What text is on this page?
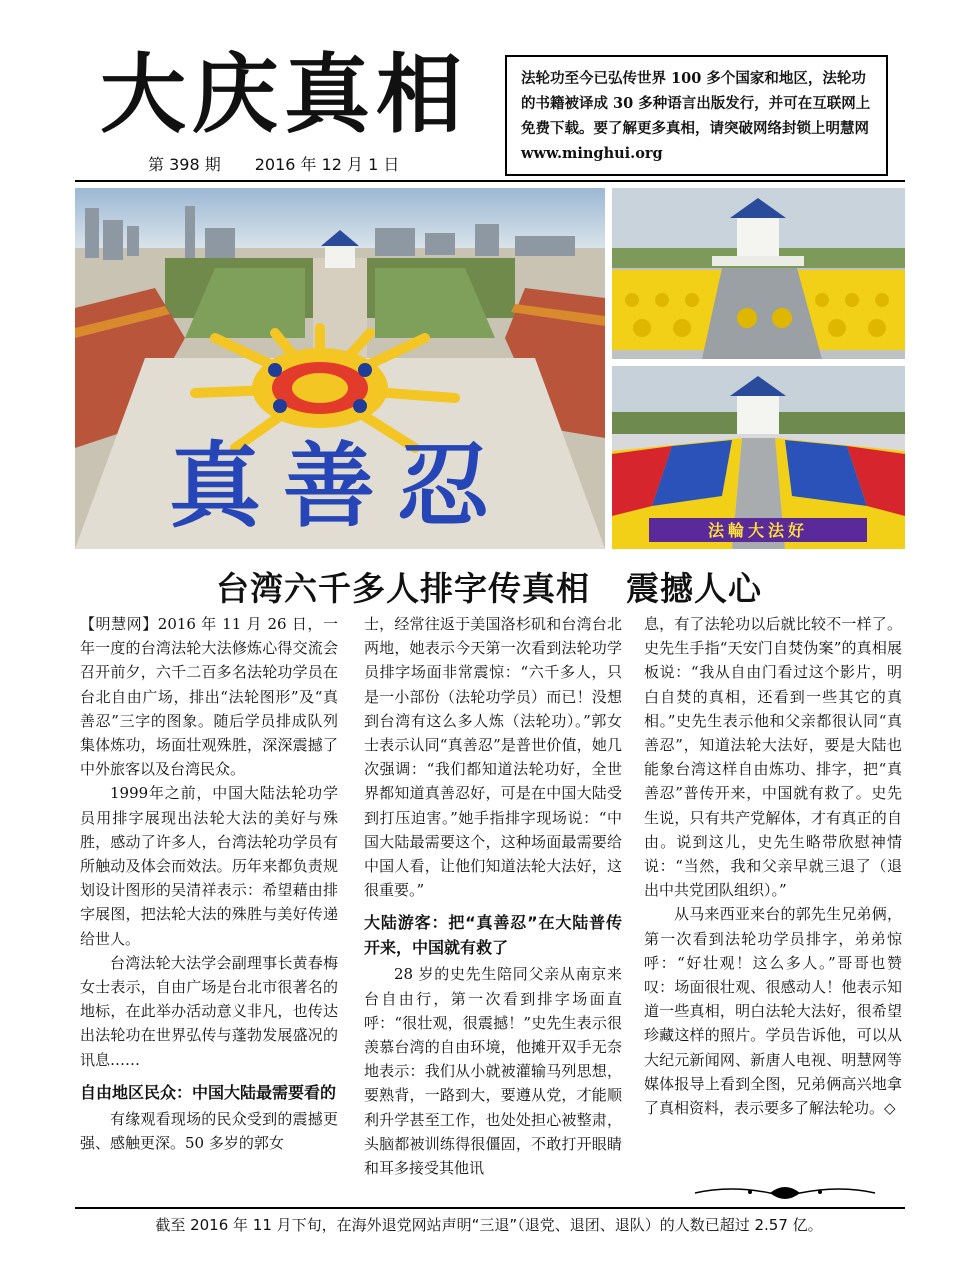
大庆真相
第 398 期 2016 年 12 月 1 日
法轮功至今已弘传世界 100 多个国家和地区，法轮功的书籍被译成 30 多种语言出版发行，并可在互联网上免费下载。要了解更多真相，请突破网络封锁上明慧网 www.minghui.org
真善忍	法輪大法好
台湾六千多人排字传真相 震撼人心

【明慧网】2016 年 11 月 26 日，一年一度的台湾法轮大法修炼心得交流会召开前夕，六千二百多名法轮功学员在台北自由广场，排出“法轮图形”及“真善忍”三字的图象。随后学员排成队列集体炼功，场面壮观殊胜，深深震撼了中外旅客以及台湾民众。

1999年之前，中国大陆法轮功学员用排字展现出法轮大法的美好与殊胜，感动了许多人，台湾法轮功学员有所触动及体会而效法。历年来都负责规划设计图形的吴清祥表示：希望藉由排字展图，把法轮大法的殊胜与美好传递给世人。

台湾法轮大法学会副理事长黄春梅女士表示，自由广场是台北市很著名的地标，在此举办活动意义非凡，也传达出法轮功在世界弘传与蓬勃发展盛况的讯息……

自由地区民众：中国大陆最需要看的

有缘观看现场的民众受到的震撼更强、感触更深。50 多岁的郭女

士，经常往返于美国洛杉矶和台湾台北两地，她表示今天第一次看到法轮功学员排字场面非常震惊：“六千多人，只是一小部份（法轮功学员）而已！没想到台湾有这么多人炼（法轮功）。”郭女士表示认同“真善忍”是普世价值，她几次强调：“我们都知道法轮功好，全世界都知道真善忍好，可是在中国大陆受到打压迫害。”她手指排字现场说：“中国大陆最需要这个，这种场面最需要给中国人看，让他们知道法轮大法好，这很重要。”

大陆游客：把“真善忍”在大陆普传开来，中国就有救了

28 岁的史先生陪同父亲从南京来台自由行，第一次看到排字场面直呼：“很壮观，很震撼！”史先生表示很羡慕台湾的自由环境，他摊开双手无奈地表示：我们从小就被灌输马列思想，要熟背，一路到大，要遵从党，才能顺利升学甚至工作，也处处担心被整肃，头脑都被训练得很僵固，不敢打开眼睛和耳多接受其他讯

息，有了法轮功以后就比较不一样了。史先生手指“天安门自焚伪案”的真相展板说：“我从自由门看过这个影片，明白自焚的真相，还看到一些其它的真相。”史先生表示他和父亲都很认同“真善忍”，知道法轮大法好，要是大陆也能象台湾这样自由炼功、排字，把“真善忍”普传开来，中国就有救了。史先生说，只有共产党解体，才有真正的自由。说到这儿，史先生略带欣慰神情说：“当然，我和父亲早就三退了（退出中共党团队组织）。”

从马来西亚来台的郭先生兄弟俩，第一次看到法轮功学员排字，弟弟惊呼：“好壮观！这么多人。”哥哥也赞叹：场面很壮观、很感动人！他表示知道一些真相，明白法轮大法好，很希望珍藏这样的照片。学员告诉他，可以从大纪元新闻网、新唐人电视、明慧网等媒体报导上看到全图，兄弟俩高兴地拿了真相资料，表示要多了解法轮功。◇

截至 2016 年 11 月下旬，在海外退党网站声明“三退”（退党、退团、退队）的人数已超过 2.57 亿。
